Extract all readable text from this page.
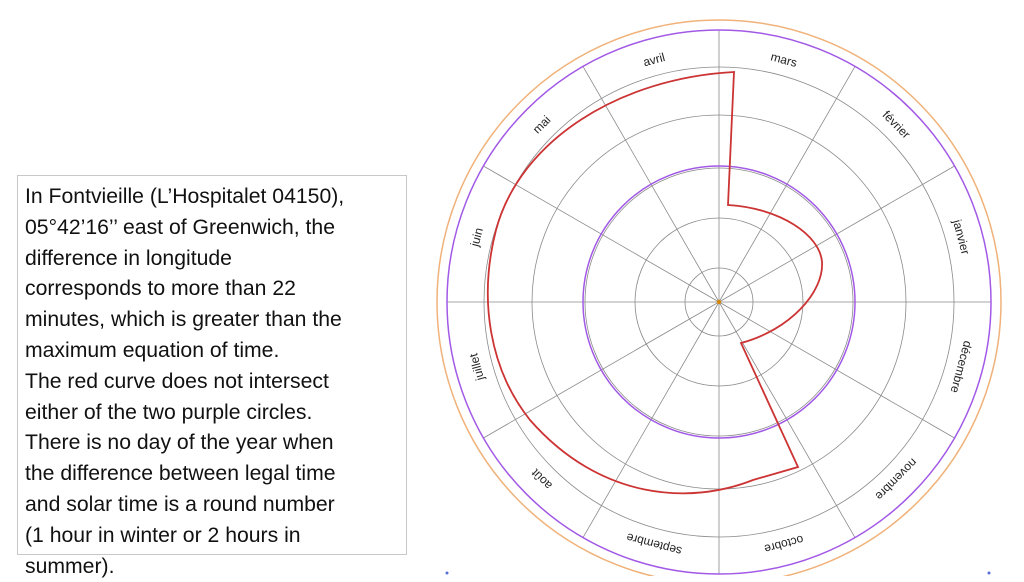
mars
février
janvier
décembre
novembre
octobre
septembre
août
juillet
juin
mai
avril
In Fontvieille (L’Hospitalet 04150),
05°42’16’’ east of Greenwich, the
difference in longitude
corresponds to more than 22
minutes, which is greater than the
maximum equation of time.
The red curve does not intersect
either of the two purple circles.
There is no day of the year when
the difference between legal time
and solar time is a round number
(1 hour in winter or 2 hours in
summer).
